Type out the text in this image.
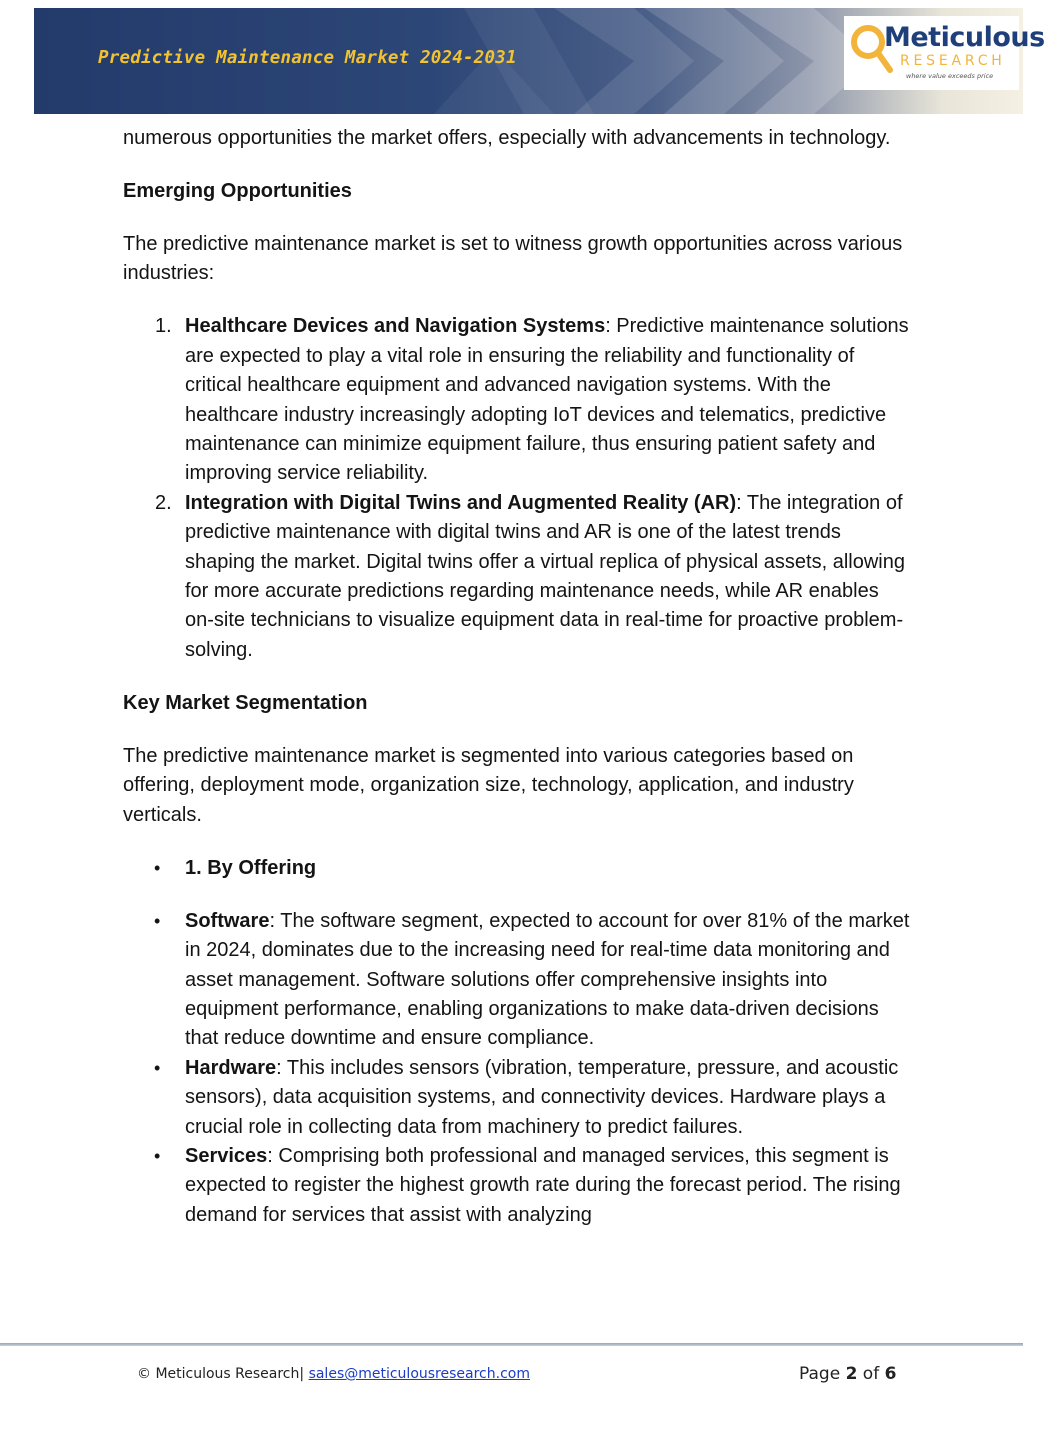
Predictive Maintenance Market 2024-2031
Meticulous
RESEARCH
where value exceeds price

numerous opportunities the market offers, especially with advancements in technology.

Emerging Opportunities

The predictive maintenance market is set to witness growth opportunities across various industries:

1. Healthcare Devices and Navigation Systems: Predictive maintenance solutions are expected to play a vital role in ensuring the reliability and functionality of critical healthcare equipment and advanced navigation systems. With the healthcare industry increasingly adopting IoT devices and telematics, predictive maintenance can minimize equipment failure, thus ensuring patient safety and improving service reliability.
2. Integration with Digital Twins and Augmented Reality (AR): The integration of predictive maintenance with digital twins and AR is one of the latest trends shaping the market. Digital twins offer a virtual replica of physical assets, allowing for more accurate predictions regarding maintenance needs, while AR enables on-site technicians to visualize equipment data in real-time for proactive problem-solving.
Key Market Segmentation

The predictive maintenance market is segmented into various categories based on offering, deployment mode, organization size, technology, application, and industry verticals.

• 1. By Offering
• Software: The software segment, expected to account for over 81% of the market in 2024, dominates due to the increasing need for real-time data monitoring and asset management. Software solutions offer comprehensive insights into equipment performance, enabling organizations to make data-driven decisions that reduce downtime and ensure compliance.
• Hardware: This includes sensors (vibration, temperature, pressure, and acoustic sensors), data acquisition systems, and connectivity devices. Hardware plays a crucial role in collecting data from machinery to predict failures.
• Services: Comprising both professional and managed services, this segment is expected to register the highest growth rate during the forecast period. The rising demand for services that assist with analyzing
© Meticulous Research| sales@meticulousresearch.com	Page 2 of 6
